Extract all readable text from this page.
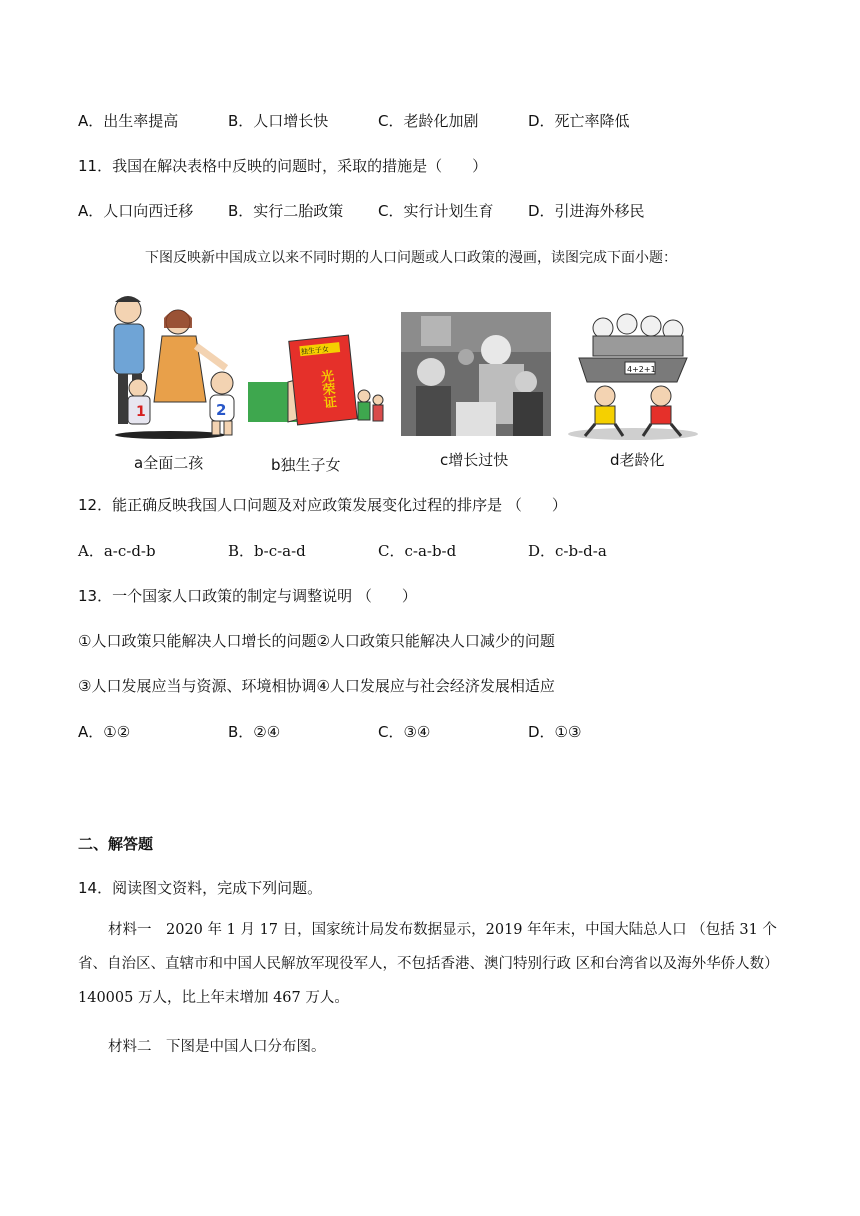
A．出生率提高	B．人口增长快	C．老龄化加剧	D．死亡率降低
11．我国在解决表格中反映的问题时，采取的措施是（　　）
A．人口向西迁移 B．实行二胎政策 C．实行计划生育 D．引进海外移民
下图反映新中国成立以来不同时期的人口问题或人口政策的漫画，读图完成下面小题：
1	2
a全面二孩
独生子女
光荣证
b独生子女	c增长过快
4+2+1
d老龄化
12．能正确反映我国人口问题及对应政策发展变化过程的排序是 （　　）
A．a-c-d-b	B．b-c-a-d	C．c-a-b-d	D．c-b-d-a
13．一个国家人口政策的制定与调整说明 （　　）
①人口政策只能解决人口增长的问题②人口政策只能解决人口减少的问题
③人口发展应当与资源、环境相协调④人口发展应与社会经济发展相适应
A．①②	B．②④	C．③④	D．①③
二、解答题
14．阅读图文资料，完成下列问题。
材料一　2020 年 1 月 17 日，国家统计局发布数据显示，2019 年年末，中国大陆总人口 （包括 31 个省、自治区、直辖市和中国人民解放军现役军人，不包括香港、澳门特别行政 区和台湾省以及海外华侨人数）140005 万人，比上年末增加 467 万人。
材料二　下图是中国人口分布图。
